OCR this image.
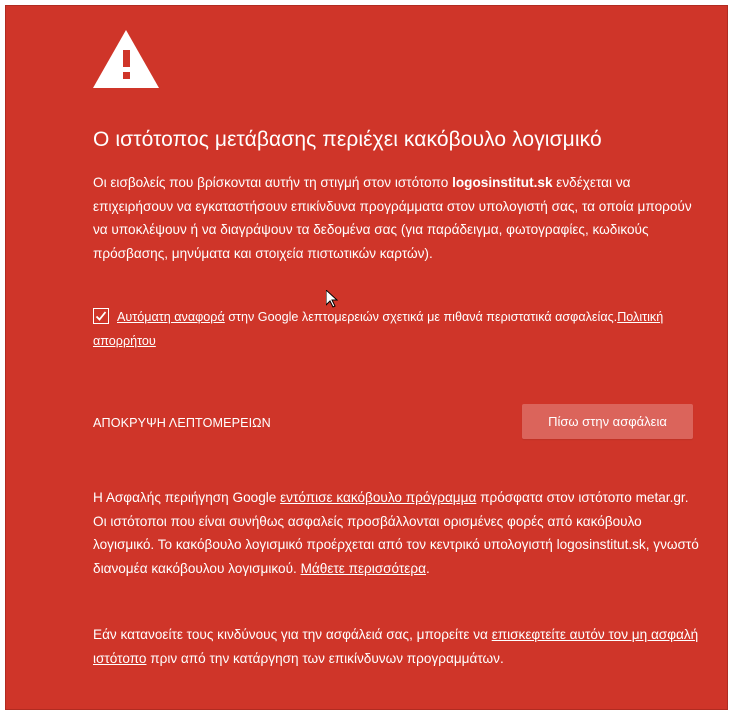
Ο ιστότοπος μετάβασης περιέχει κακόβουλο λογισμικό

Οι εισβολείς που βρίσκονται αυτήν τη στιγμή στον ιστότοπο logosinstitut.sk ενδέχεται να επιχειρήσουν να εγκαταστήσουν επικίνδυνα προγράμματα στον υπολογιστή σας, τα οποία μπορούν να υποκλέψουν ή να διαγράψουν τα δεδομένα σας (για παράδειγμα, φωτογραφίες, κωδικούς πρόσβασης, μηνύματα και στοιχεία πιστωτικών καρτών).

Αυτόματη αναφορά στην Google λεπτομερειών σχετικά με πιθανά περιστατικά ασφαλείας.Πολιτική απορρήτου
ΑΠΟΚΡΥΨΗ ΛΕΠΤΟΜΕΡΕΙΩΝ	Πίσω στην ασφάλεια

Η Ασφαλής περιήγηση Google εντόπισε κακόβουλο πρόγραμμα πρόσφατα στον ιστότοπο metar.gr. Οι ιστότοποι που είναι συνήθως ασφαλείς προσβάλλονται ορισμένες φορές από κακόβουλο λογισμικό. Το κακόβουλο λογισμικό προέρχεται από τον κεντρικό υπολογιστή logosinstitut.sk, γνωστό διανομέα κακόβουλου λογισμικού. Μάθετε περισσότερα.

Εάν κατανοείτε τους κινδύνους για την ασφάλειά σας, μπορείτε να επισκεφτείτε αυτόν τον μη ασφαλή ιστότοπο πριν από την κατάργηση των επικίνδυνων προγραμμάτων.
